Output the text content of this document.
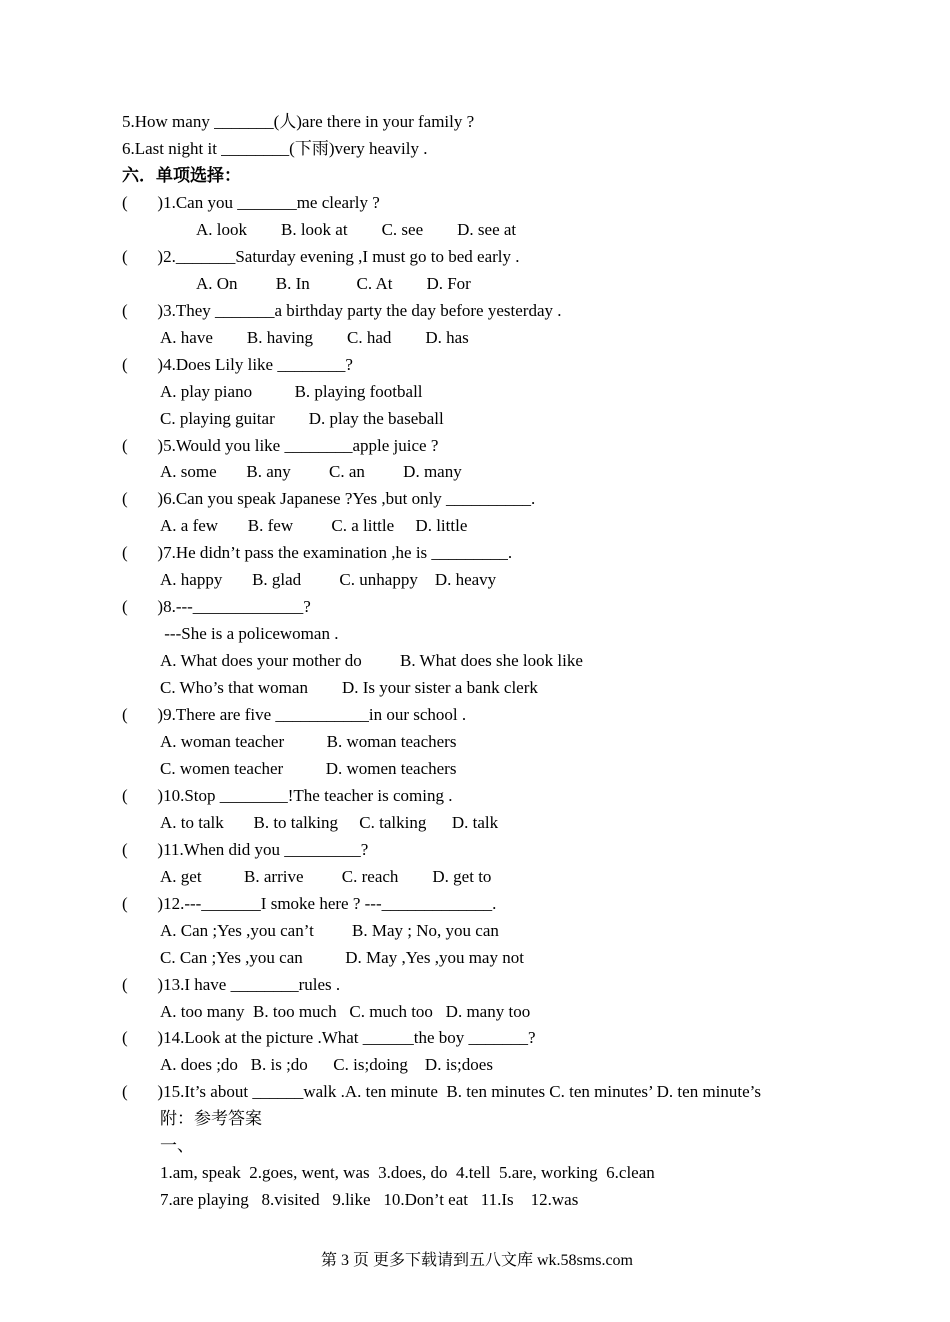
5.How many _______(人)are there in your family ?
6.Last night it ________(下雨)very heavily .
六．单项选择：
(       )1.Can you _______me clearly ?
A. look        B. look at        C. see        D. see at
(       )2._______Saturday evening ,I must go to bed early .
A. On         B. In           C. At        D. For
(       )3.They _______a birthday party the day before yesterday .
A. have        B. having        C. had        D. has
(       )4.Does Lily like ________?
A. play piano          B. playing football
C. playing guitar        D. play the baseball
(       )5.Would you like ________apple juice ?
A. some       B. any         C. an         D. many
(       )6.Can you speak Japanese ?Yes ,but only __________.
A. a few       B. few         C. a little     D. little
(       )7.He didn’t pass the examination ,he is _________.
A. happy       B. glad         C. unhappy    D. heavy
(       )8.---_____________?
---She is a policewoman .
A. What does your mother do         B. What does she look like
C. Who’s that woman        D. Is your sister a bank clerk
(       )9.There are five ___________in our school .
A. woman teacher          B. woman teachers
C. women teacher          D. women teachers
(       )10.Stop ________!The teacher is coming .
A. to talk       B. to talking     C. talking      D. talk
(       )11.When did you _________?
A. get          B. arrive         C. reach        D. get to
(       )12.---_______I smoke here ? ---_____________.
A. Can ;Yes ,you can’t         B. May ; No, you can
C. Can ;Yes ,you can          D. May ,Yes ,you may not
(       )13.I have ________rules .
A. too many  B. too much   C. much too   D. many too
(       )14.Look at the picture .What ______the boy _______?
A. does ;do   B. is ;do      C. is;doing    D. is;does
(       )15.It’s about ______walk .A. ten minute  B. ten minutes C. ten minutes’ D. ten minute’s
附：参考答案
一、
1.am, speak  2.goes, went, was  3.does, do  4.tell  5.are, working  6.clean
7.are playing   8.visited   9.like   10.Don’t eat   11.Is    12.was
第 3 页 更多下载请到五八文库 wk.58sms.com
